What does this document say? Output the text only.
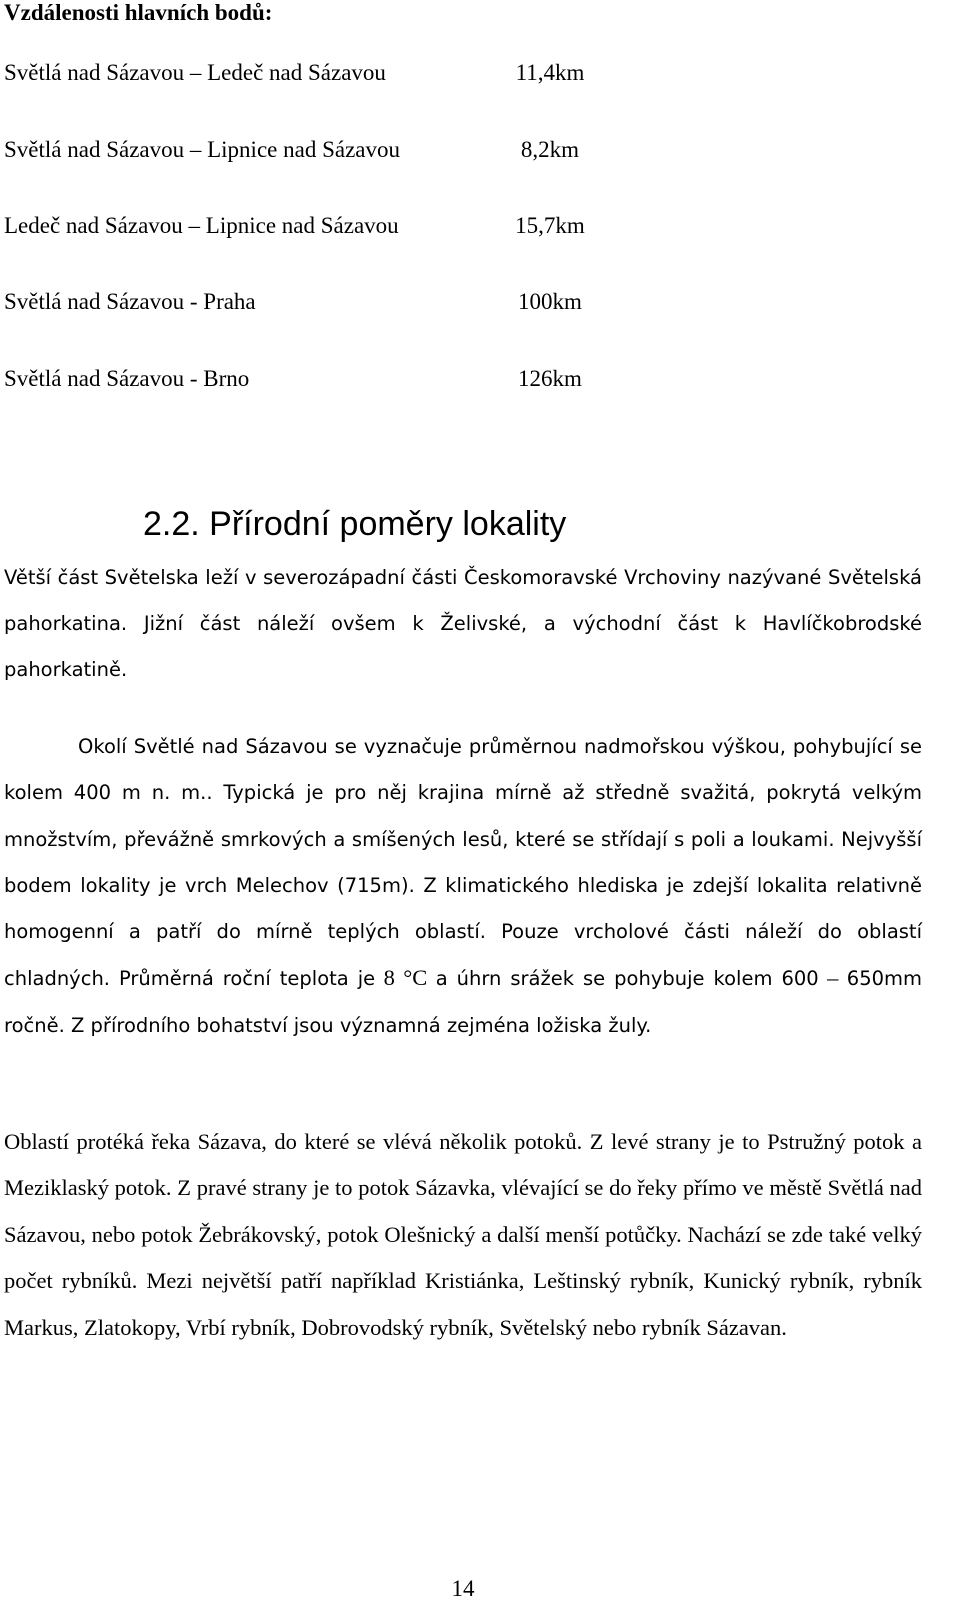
Vzdálenosti hlavních bodů:
Světlá nad Sázavou – Ledeč nad Sázavou	11,4km
Světlá nad Sázavou – Lipnice nad Sázavou	8,2km
Ledeč nad Sázavou – Lipnice nad Sázavou	15,7km
Světlá nad Sázavou - Praha	100km
Světlá nad Sázavou - Brno	126km
2.2. Přírodní poměry lokality

Větší část Světelska leží v severozápadní části Českomoravské Vrchoviny nazývané Světelská pahorkatina. Jižní část náleží ovšem k Želivské, a východní část k Havlíčkobrodské pahorkatině.

Okolí Světlé nad Sázavou se vyznačuje průměrnou nadmořskou výškou, pohybující se kolem 400 m n. m.. Typická je pro něj krajina mírně až středně svažitá, pokrytá velkým množstvím, převážně smrkových a smíšených lesů, které se střídají s poli a loukami. Nejvyšší bodem lokality je vrch Melechov (715m). Z klimatického hlediska je zdejší lokalita relativně homogenní a patří do mírně teplých oblastí. Pouze vrcholové části náleží do oblastí chladných. Průměrná roční teplota je 8 °C a úhrn srážek se pohybuje kolem 600 – 650mm ročně. Z přírodního bohatství jsou významná zejména ložiska žuly.

Oblastí protéká řeka Sázava, do které se vlévá několik potoků. Z levé strany je to Pstružný potok a Meziklaský potok. Z pravé strany je to potok Sázavka, vlévající se do řeky přímo ve městě Světlá nad Sázavou, nebo potok Žebrákovský, potok Olešnický a další menší potůčky. Nachází se zde také velký počet rybníků. Mezi největší patří například Kristiánka, Leštinský rybník, Kunický rybník, rybník Markus, Zlatokopy, Vrbí rybník, Dobrovodský rybník, Světelský nebo rybník Sázavan.

14
